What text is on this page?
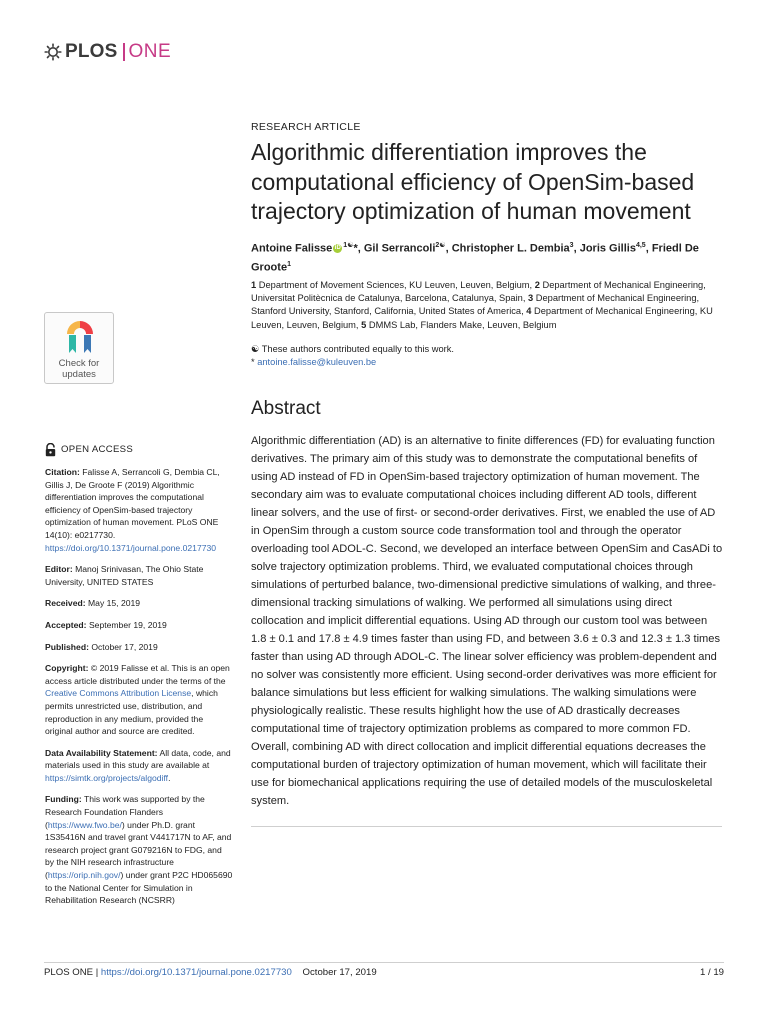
PLOS ONE
RESEARCH ARTICLE
Algorithmic differentiation improves the computational efficiency of OpenSim-based trajectory optimization of human movement
Antoine Falisse iD $^{1☯}$*, Gil Serrancoli$^{2☯}$, Christopher L. Dembia$^3$, Joris Gillis$^{4,5}$, Friedl De Groote$^1$
1 Department of Movement Sciences, KU Leuven, Leuven, Belgium, 2 Department of Mechanical Engineering, Universitat Politècnica de Catalunya, Barcelona, Catalunya, Spain, 3 Department of Mechanical Engineering, Stanford University, Stanford, California, United States of America, 4 Department of Mechanical Engineering, KU Leuven, Leuven, Belgium, 5 DMMS Lab, Flanders Make, Leuven, Belgium
☯ These authors contributed equally to this work.
* antoine.falisse@kuleuven.be
Check for
updates
Abstract

Algorithmic differentiation (AD) is an alternative to finite differences (FD) for evaluating function derivatives. The primary aim of this study was to demonstrate the computational benefits of using AD instead of FD in OpenSim-based trajectory optimization of human movement. The secondary aim was to evaluate computational choices including different AD tools, different linear solvers, and the use of first- or second-order derivatives. First, we enabled the use of AD in OpenSim through a custom source code transformation tool and through the operator overloading tool ADOL-C. Second, we developed an interface between OpenSim and CasADi to solve trajectory optimization problems. Third, we evaluated computational choices through simulations of perturbed balance, two-dimensional predictive simulations of walking, and three-dimensional tracking simulations of walking. We performed all simulations using direct collocation and implicit differential equations. Using AD through our custom tool was between 1.8 ± 0.1 and 17.8 ± 4.9 times faster than using FD, and between 3.6 ± 0.3 and 12.3 ± 1.3 times faster than using AD through ADOL-C. The linear solver efficiency was problem-dependent and no solver was consistently more efficient. Using second-order derivatives was more efficient for balance simulations but less efficient for walking simulations. The walking simulations were physiologically realistic. These results highlight how the use of AD drastically decreases computational time of trajectory optimization problems as compared to more common FD. Overall, combining AD with direct collocation and implicit differential equations decreases the computational burden of trajectory optimization of human movement, which will facilitate their use for biomechanical applications requiring the use of detailed models of the musculoskeletal system.

OPEN ACCESS
Citation: Falisse A, Serrancoli G, Dembia CL, Gillis J, De Groote F (2019) Algorithmic differentiation improves the computational efficiency of OpenSim-based trajectory optimization of human movement. PLoS ONE 14(10): e0217730. https://doi.org/10.1371/journal.pone.0217730
Editor: Manoj Srinivasan, The Ohio State University, UNITED STATES
Received: May 15, 2019
Accepted: September 19, 2019
Published: October 17, 2019
Copyright: © 2019 Falisse et al. This is an open access article distributed under the terms of the Creative Commons Attribution License, which permits unrestricted use, distribution, and reproduction in any medium, provided the original author and source are credited.
Data Availability Statement: All data, code, and materials used in this study are available at https://simtk.org/projects/algodiff.
Funding: This work was supported by the Research Foundation Flanders (https://www.fwo.be/) under Ph.D. grant 1S35416N and travel grant V441717N to AF, and research project grant G079216N to FDG, and by the NIH research infrastructure (https://orip.nih.gov/) under grant P2C HD065690 to the National Center for Simulation in Rehabilitation Research (NCSRR)
PLOS ONE | https://doi.org/10.1371/journal.pone.0217730 October 17, 2019	1 / 19
